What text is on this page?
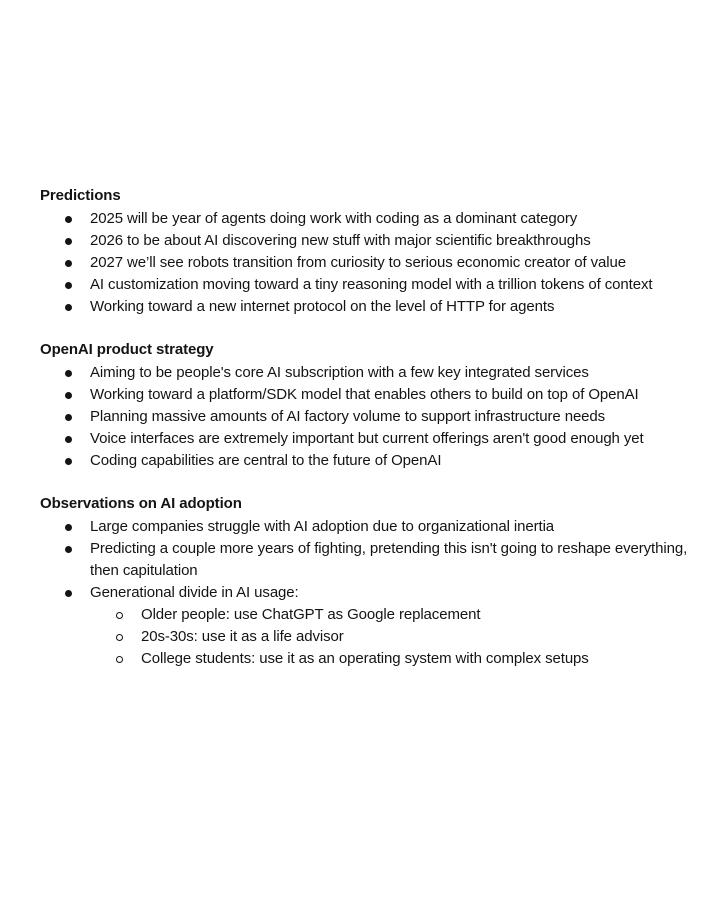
Predictions
2025 will be year of agents doing work with coding as a dominant category
2026 to be about AI discovering new stuff with major scientific breakthroughs
2027 we’ll see robots transition from curiosity to serious economic creator of value
AI customization moving toward a tiny reasoning model with a trillion tokens of context
Working toward a new internet protocol on the level of HTTP for agents
OpenAI product strategy
Aiming to be people's core AI subscription with a few key integrated services
Working toward a platform/SDK model that enables others to build on top of OpenAI
Planning massive amounts of AI factory volume to support infrastructure needs
Voice interfaces are extremely important but current offerings aren't good enough yet
Coding capabilities are central to the future of OpenAI
Observations on AI adoption
Large companies struggle with AI adoption due to organizational inertia
Predicting a couple more years of fighting, pretending this isn't going to reshape everything, then capitulation
Generational divide in AI usage:
Older people: use ChatGPT as Google replacement
20s-30s: use it as a life advisor
College students: use it as an operating system with complex setups
